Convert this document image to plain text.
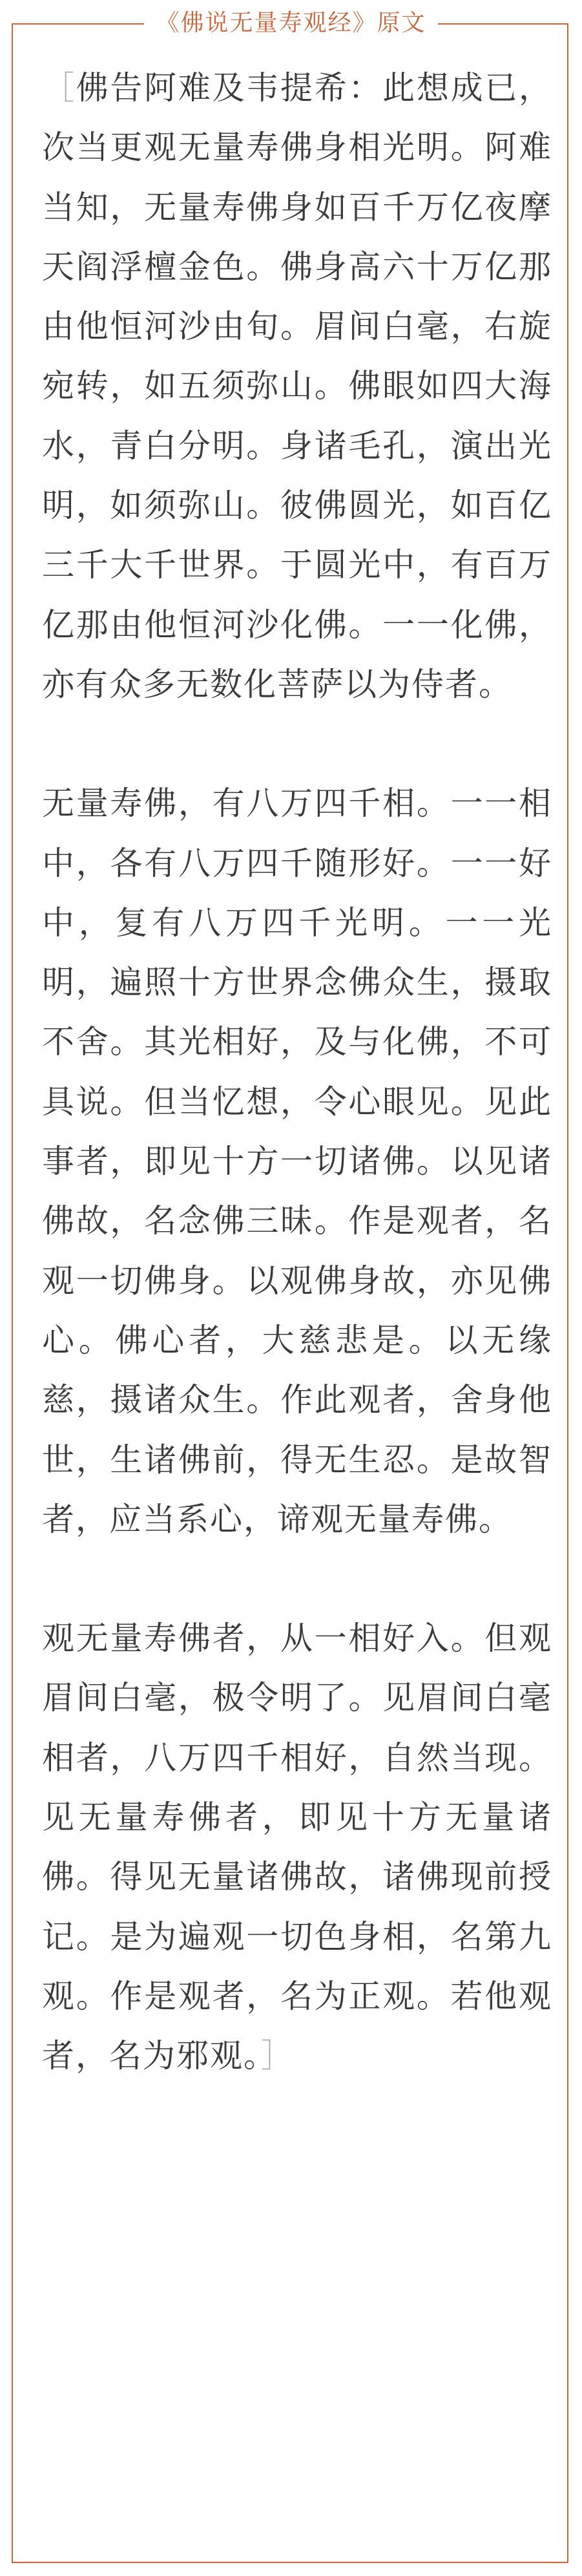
《佛说无量寿观经》原文

［佛告阿难及韦提希：此想成已，次当更观无量寿佛身相光明。阿难当知，无量寿佛身如百千万亿夜摩天阎浮檀金色。佛身高六十万亿那由他恒河沙由旬。眉间白毫，右旋宛转，如五须弥山。佛眼如四大海水，青白分明。身诸毛孔，演出光明，如须弥山。彼佛圆光，如百亿三千大千世界。于圆光中，有百万亿那由他恒河沙化佛。一一化佛，亦有众多无数化菩萨以为侍者。

无量寿佛，有八万四千相。一一相中，各有八万四千随形好。一一好中，复有八万四千光明。一一光明，遍照十方世界念佛众生，摄取不舍。其光相好，及与化佛，不可具说。但当忆想，令心眼见。见此事者，即见十方一切诸佛。以见诸佛故，名念佛三昧。作是观者，名观一切佛身。以观佛身故，亦见佛心。佛心者，大慈悲是。以无缘慈，摄诸众生。作此观者，舍身他世，生诸佛前，得无生忍。是故智者，应当系心，谛观无量寿佛。

观无量寿佛者，从一相好入。但观眉间白毫，极令明了。见眉间白毫相者，八万四千相好，自然当现。见无量寿佛者，即见十方无量诸佛。得见无量诸佛故，诸佛现前授记。是为遍观一切色身相，名第九观。作是观者，名为正观。若他观者，名为邪观。］
